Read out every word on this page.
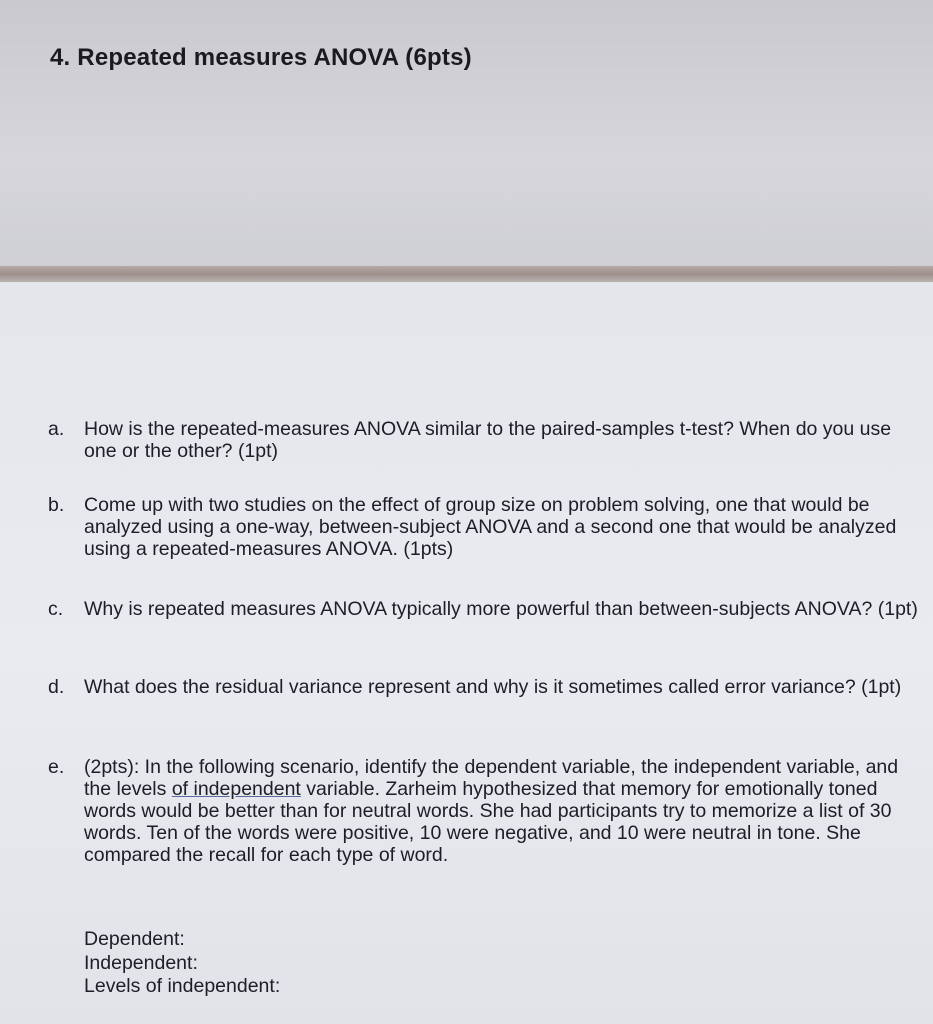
4. Repeated measures ANOVA (6pts)
a.	How is the repeated-measures ANOVA similar to the paired-samples t-test? When do you use one or the other? (1pt)
b.	Come up with two studies on the effect of group size on problem solving, one that would be analyzed using a one-way, between-subject ANOVA and a second one that would be analyzed using a repeated-measures ANOVA. (1pts)
c.	Why is repeated measures ANOVA typically more powerful than between-subjects ANOVA? (1pt)
d.	What does the residual variance represent and why is it sometimes called error variance? (1pt)
e.	(2pts): In the following scenario, identify the dependent variable, the independent variable, and the levels of independent variable. Zarheim hypothesized that memory for emotionally toned words would be better than for neutral words. She had participants try to memorize a list of 30 words. Ten of the words were positive, 10 were negative, and 10 were neutral in tone. She compared the recall for each type of word.
Dependent:
Independent:
Levels of independent:
